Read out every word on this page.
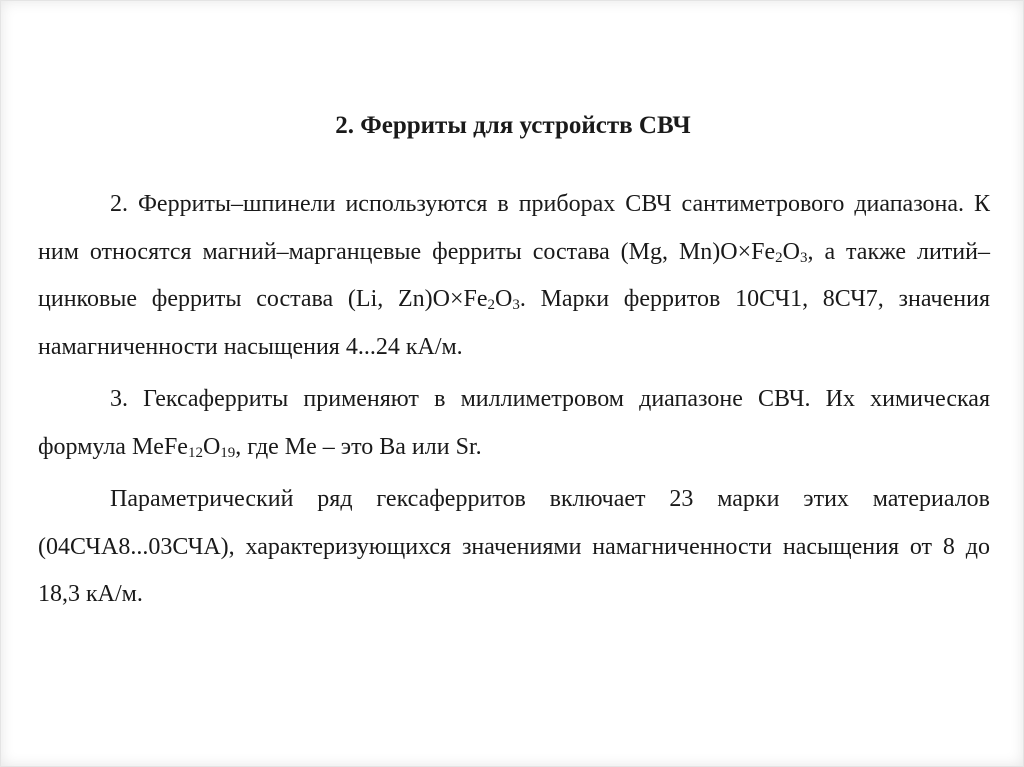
2. Ферриты для устройств СВЧ

2. Ферриты–шпинели используются в приборах СВЧ сантиметрового диапазона. К ним относятся магний–марганцевые ферриты состава (Mg, $Mn)O\times Fe_2O_3$, а также литий–цинковые ферриты состава (Li, $Zn)O\times Fe_2O_3$. Марки ферритов 10СЧ1, 8СЧ7, значения намагниченности насыщения 4...24 кА/м.

3. Гексаферриты применяют в миллиметровом диапазоне СВЧ. Их химическая формула $MeFe_{12}O_{19}$, где Me – это Ba или Sr.

Параметрический ряд гексаферритов включает 23 марки этих материалов (04СЧА8...03СЧА), характеризующихся значениями намагниченности насыщения от 8 до 18,3 кА/м.
